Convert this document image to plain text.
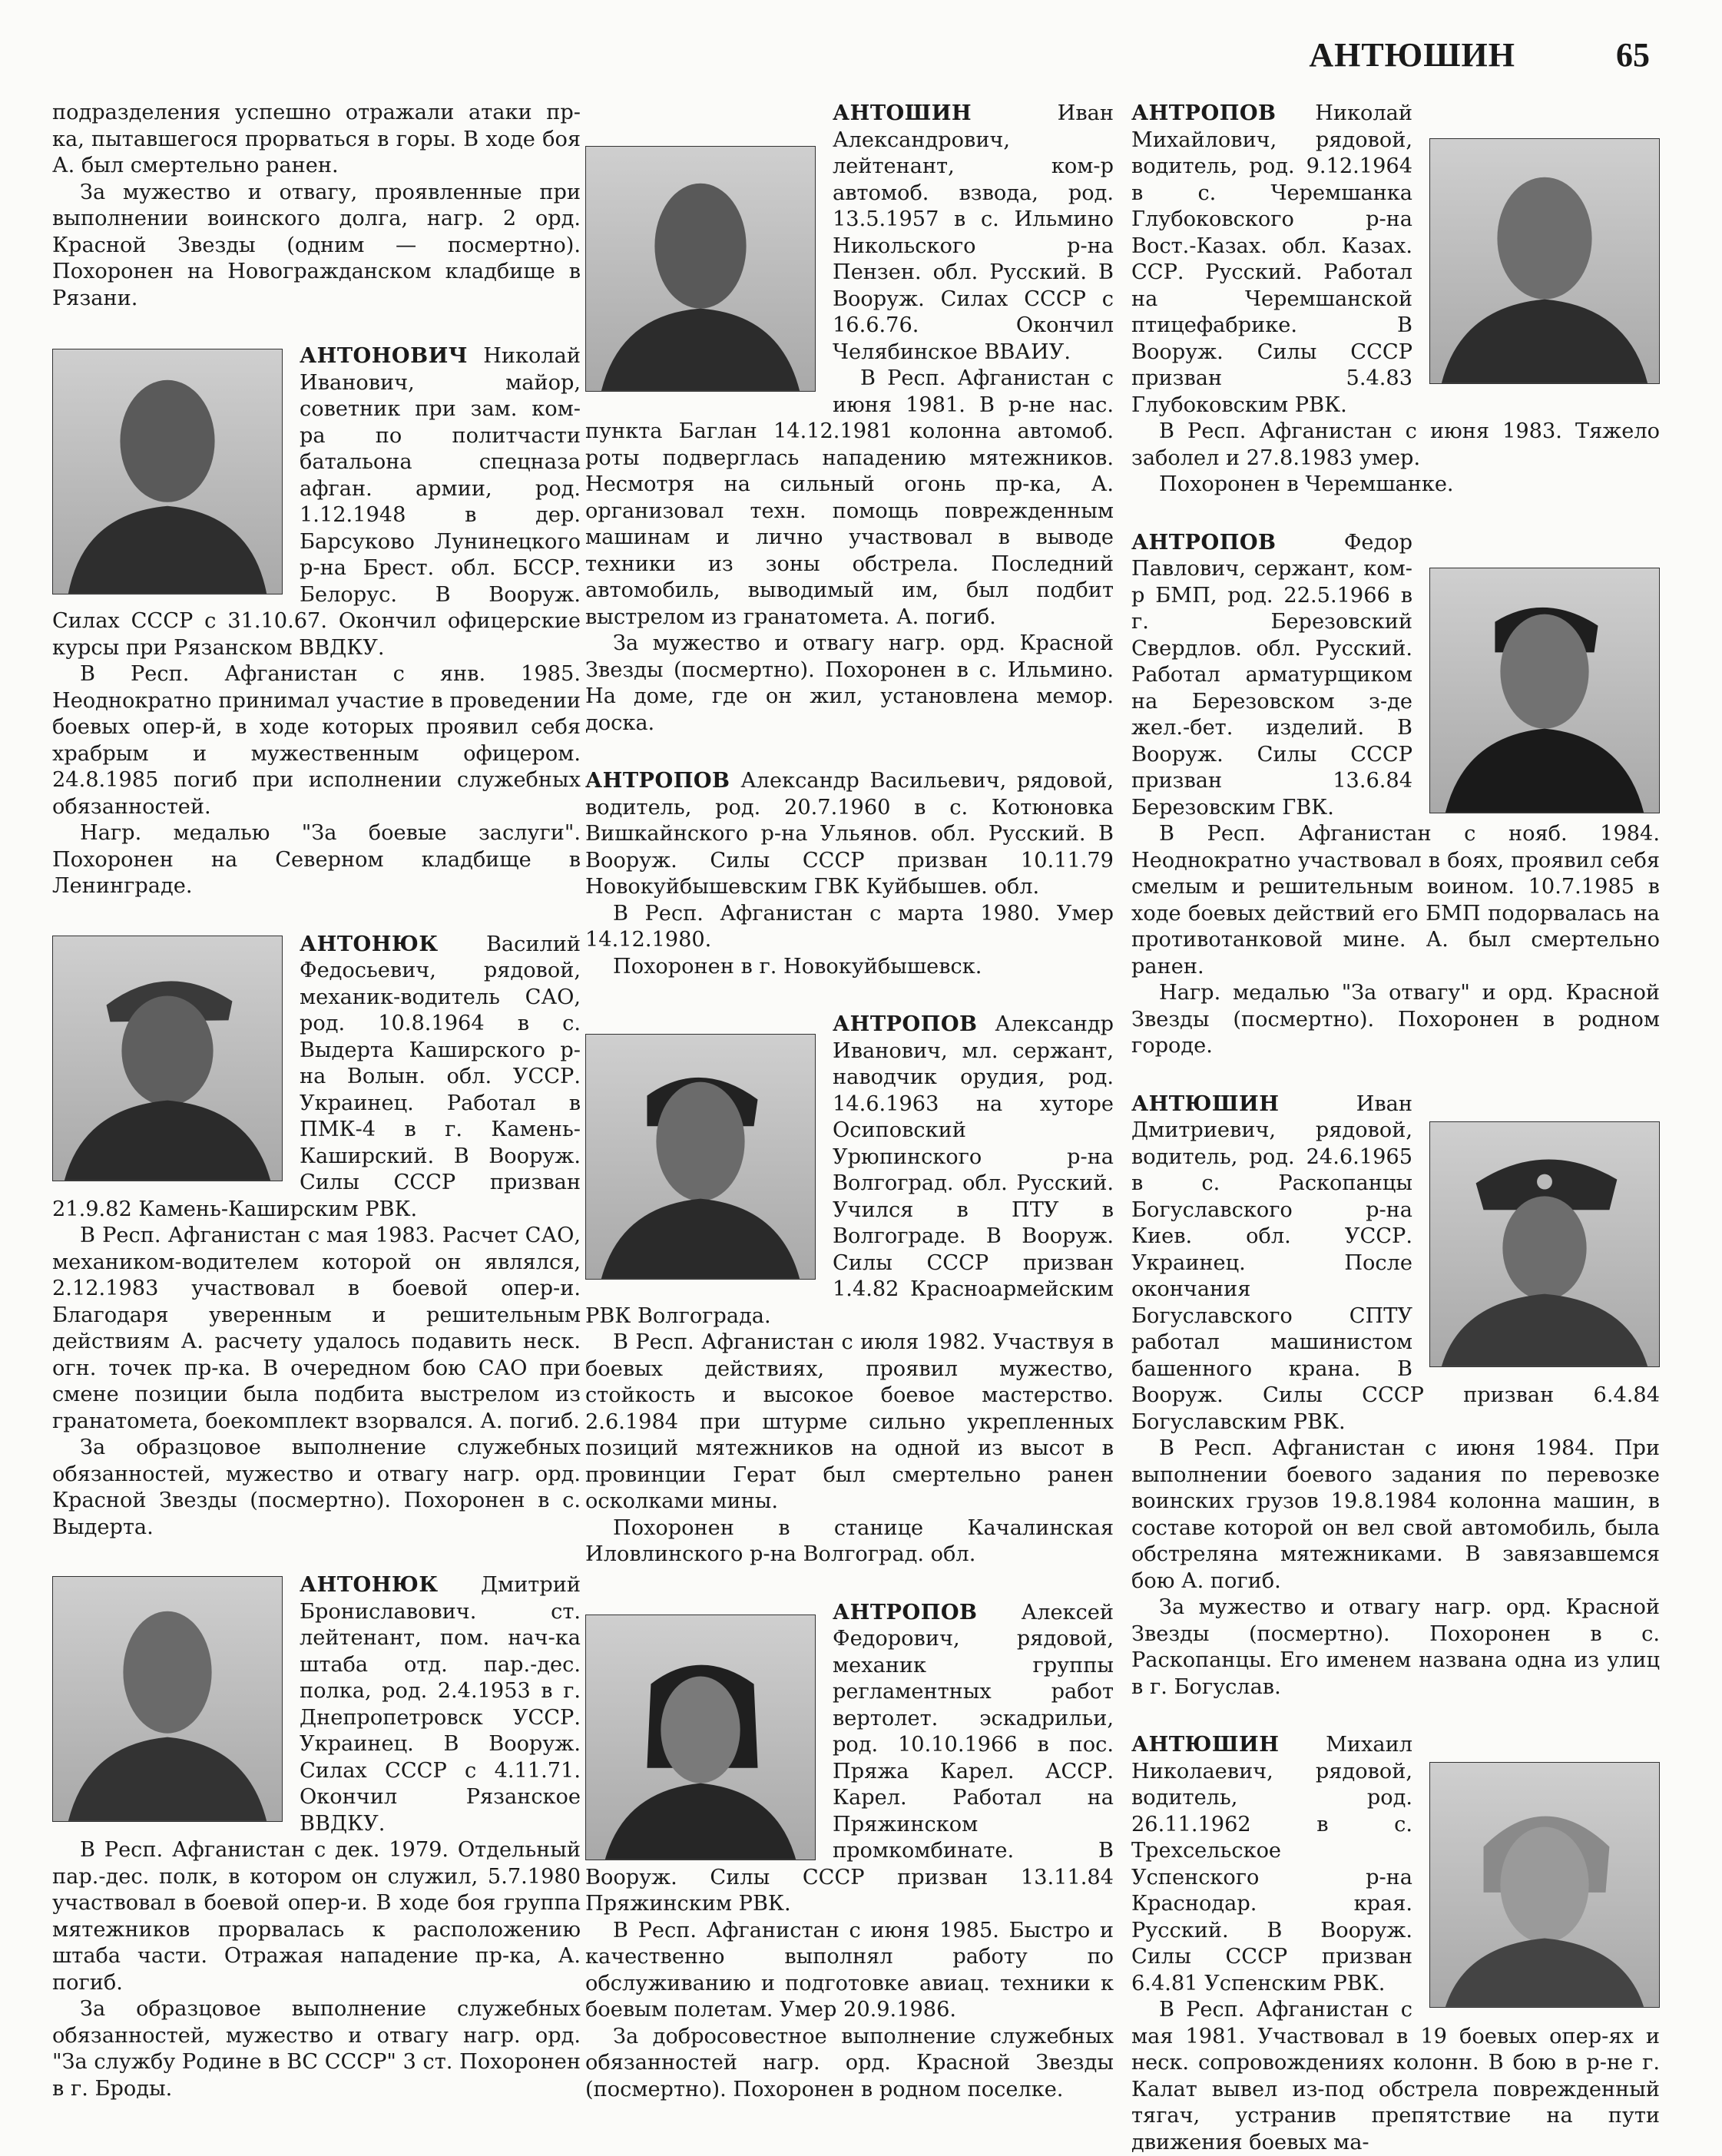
АНТЮШИН	65

подразделения успешно отражали атаки пр-ка, пытавшегося прорваться в горы. В ходе боя А. был смертельно ранен.

За мужество и отвагу, проявленные при выполнении воинского долга, нагр. 2 орд. Красной Звезды (одним — посмертно). Похоронен на Новогражданском кладбище в Рязани.

АНТОНОВИЧ Николай Иванович, майор, советник при зам. ком-ра по политчасти батальона спецназа афган. армии, род. 1.12.1948 в дер. Барсуково Лунинецкого р-на Брест. обл. БССР. Белорус. В Вооруж. Силах СССР с 31.10.67. Окончил офицерские курсы при Рязанском ВВДКУ.

В Респ. Афганистан с янв. 1985. Неоднократно принимал участие в проведении боевых опер-й, в ходе которых проявил себя храбрым и мужественным офицером. 24.8.1985 погиб при исполнении служебных обязанностей.

Нагр. медалью "За боевые заслуги". Похоронен на Северном кладбище в Ленинграде.

АНТОНЮК Василий Федосьевич, рядовой, механик-водитель САО, род. 10.8.1964 в с. Выдерта Каширского р-на Волын. обл. УССР. Украинец. Работал в ПМК-4 в г. Камень-Каширский. В Вооруж. Силы СССР призван 21.9.82 Камень-Каширским РВК.

В Респ. Афганистан с мая 1983. Расчет САО, механиком-водителем которой он являлся, 2.12.1983 участвовал в боевой опер-и. Благодаря уверенным и решительным действиям А. расчету удалось подавить неск. огн. точек пр-ка. В очередном бою САО при смене позиции была подбита выстрелом из гранатомета, боекомплект взорвался. А. погиб.

За образцовое выполнение служебных обязанностей, мужество и отвагу нагр. орд. Красной Звезды (посмертно). Похоронен в с. Выдерта.

АНТОНЮК Дмитрий Брониславович. ст. лейтенант, пом. нач-ка штаба отд. пар.-дес. полка, род. 2.4.1953 в г. Днепропетровск УССР. Украинец. В Вооруж. Силах СССР с 4.11.71. Окончил Рязанское ВВДКУ.

В Респ. Афганистан с дек. 1979. Отдельный пар.-дес. полк, в котором он служил, 5.7.1980 участвовал в боевой опер-и. В ходе боя группа мятежников прорвалась к расположению штаба части. Отражая нападение пр-ка, А. погиб.

За образцовое выполнение служебных обязанностей, мужество и отвагу нагр. орд. "За службу Родине в ВС СССР" 3 ст. Похоронен в г. Броды.

АНТОШИН	Иван Александрович, лейтенант, ком-р автомоб. взвода, род. 13.5.1957 в с. Ильмино Никольского р-на Пензен. обл. Русский. В Вооруж. Силах СССР с 16.6.76. Окончил Челябинское ВВАИУ.

В Респ. Афганистан с июня 1981. В р-не нас. пункта Баглан 14.12.1981 колонна автомоб. роты подверглась нападению мятежников. Несмотря на сильный огонь пр-ка, А. организовал техн. помощь поврежденным машинам и лично участвовал в выводе техники из зоны обстрела. Последний автомобиль, выводимый им, был подбит выстрелом из гранатомета. А. погиб.

За мужество и отвагу нагр. орд. Красной Звезды (посмертно). Похоронен в с. Ильмино. На доме, где он жил, установлена мемор. доска.

АНТРОПОВ Александр Васильевич, рядовой, водитель, род. 20.7.1960 в с. Котюновка Вишкайнского р-на Ульянов. обл. Русский. В Вооруж. Силы СССР призван 10.11.79 Новокуйбышевским ГВК Куйбышев. обл.

В Респ. Афганистан с марта 1980. Умер 14.12.1980.

Похоронен в г. Новокуйбышевск.

АНТРОПОВ Александр Иванович, мл. сержант, наводчик орудия, род. 14.6.1963 на хуторе Осиповский Урюпинского р-на Волгоград. обл. Русский. Учился в ПТУ в Волгограде. В Вооруж. Силы СССР призван 1.4.82 Красноармейским РВК Волгограда.

В Респ. Афганистан с июля 1982. Участвуя в боевых действиях, проявил мужество, стойкость и высокое боевое мастерство. 2.6.1984 при штурме сильно укрепленных позиций мятежников на одной из высот в провинции Герат был смертельно ранен осколками мины.

Похоронен в станице Качалинская Иловлинского р-на Волгоград. обл.

АНТРОПОВ Алексей Федорович, рядовой, механик группы регламентных работ вертолет. эскадрильи, род. 10.10.1966 в пос. Пряжа Карел. АССР. Карел. Работал на Пряжинском промкомбинате. В Вооруж. Силы СССР призван 13.11.84 Пряжинским РВК.

В Респ. Афганистан с июня 1985. Быстро и качественно выполнял работу по обслуживанию и подготовке авиац. техники к боевым полетам. Умер 20.9.1986.

За добросовестное выполнение служебных обязанностей нагр. орд. Красной Звезды (посмертно). Похоронен в родном поселке.

АНТРОПОВ Николай Михайлович, рядовой, водитель, род. 9.12.1964 в с. Черемшанка Глубоковского р-на Вост.-Казах. обл. Казах. ССР. Русский. Работал на Черемшанской птицефабрике. В Вооруж. Силы СССР призван 5.4.83 Глубоковским РВК.

В Респ. Афганистан с июня 1983. Тяжело заболел и 27.8.1983 умер.

Похоронен в Черемшанке.

АНТРОПОВ	Федор Павлович, сержант, ком-р БМП, род. 22.5.1966 в г. Березовский Свердлов. обл. Русский. Работал арматурщиком на Березовском з-де жел.-бет. изделий. В Вооруж. Силы СССР призван 13.6.84 Березовским ГВК.

В Респ. Афганистан с нояб. 1984. Неоднократно участвовал в боях, проявил себя смелым и решительным воином. 10.7.1985 в ходе боевых действий его БМП подорвалась на противотанковой мине. А. был смертельно ранен.

Нагр. медалью "За отвагу" и орд. Красной Звезды (посмертно). Похоронен в родном городе.

АНТЮШИН	Иван Дмитриевич, рядовой, водитель, род. 24.6.1965 в с. Раскопанцы Богуславского р-на Киев. обл. УССР. Украинец. После окончания Богуславского СПТУ работал машинистом башенного крана. В Вооруж. Силы СССР призван 6.4.84 Богуславским РВК.

В Респ. Афганистан с июня 1984. При выполнении боевого задания по перевозке воинских грузов 19.8.1984 колонна машин, в составе которой он вел свой автомобиль, была обстреляна мятежниками. В завязавшемся бою А. погиб.

За мужество и отвагу нагр. орд. Красной Звезды (посмертно). Похоронен в с. Раскопанцы. Его именем названа одна из улиц в г. Богуслав.

АНТЮШИН Михаил Николаевич, рядовой, водитель, род. 26.11.1962 в с. Трехсельское Успенского р-на Краснодар. края. Русский. В Вооруж. Силы СССР призван 6.4.81 Успенским РВК.

В Респ. Афганистан с мая 1981. Участвовал в 19 боевых опер-ях и неск. сопровождениях колонн. В бою в р-не г. Калат вывел из-под обстрела поврежденный тягач, устранив препятствие на пути движения боевых ма-
